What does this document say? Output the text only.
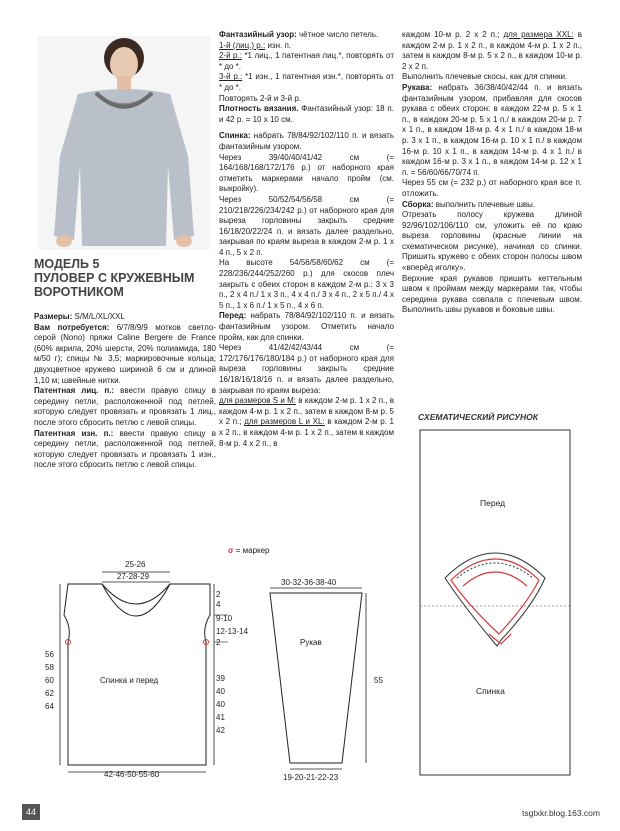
МОДЕЛЬ 5
ПУЛОВЕР С КРУЖЕВНЫМ ВОРОТНИКОМ

Размеры: S/M/L/XL/XXL

Вам потребуется: 6/7/8/9/9 мотков светло-серой (Nono) пряжи Caline Bergere de France (60% акрила, 20% шерсти, 20% полиамида, 180 м/50 г); спицы № 3,5; маркировочные кольца; двухцветное кружево шириной 6 см и длиной 1,10 м; швейные нитки.

Патентная лиц. п.: ввести правую спицу в середину петли, расположенной под петлей, которую следует провязать и провязать 1 лиц., после этого сбросить петлю с левой спицы.

Патентная изн. п.: ввести правую спицу в середину петли, расположенной под петлей, которую следует провязать и провязать 1 изн., после этого сбросить петлю с левой спицы.

Фантазийный узор: чётное число петель.

1-й (лиц.) р.: изн. п.

2-й р.: *1 лиц., 1 патентная лиц.*, повторять от * до *.

3-й р.: *1 изн., 1 патентная изн.*, повторять от * до *.

Повторять 2-й и 3-й р.

Плотность вязания. Фантазийный узор: 18 п. и 42 р. = 10 х 10 см.

Спинка: набрать 78/84/92/102/110 п. и вязать фантазийным узором.

Через 39/40/40/41/42 см (= 164/168/168/172/176 р.) от наборного края отметить маркерами начало пройм (см. выкройку).

Через 50/52/54/56/58 см (= 210/218/226/234/242 р.) от наборного края для выреза горловины закрыть средние 16/18/20/22/24 п. и вязать далее раздельно, закрывая по краям выреза в каждом 2-м р. 1 х 4 п., 5 х 2 п.

На высоте 54/56/58/60/62 см (= 228/236/244/252/260 р.) для скосов плеч закрыть с обеих сторон в каждом 2-м р.: 3 х 3 п., 2 х 4 п./ 1 х 3 п., 4 х 4 п./ 3 х 4 п., 2 х 5 п./ 4 х 5 п., 1 х 6 п./ 1 х 5 п., 4 х 6 п.

Перед: набрать 78/84/92/102/110 п. и вязать фантазийным узором. Отметить начало пройм, как для спинки.

Через 41/42/42/43/44 см (= 172/176/176/180/184 р.) от наборного края для выреза горловины закрыть средние 16/18/16/18/16 п. и вязать далее раздельно, закрывая по краям выреза:

для размеров S и M: в каждом 2-м р. 1 х 2 п., в каждом 4-м р. 1 х 2 п., затем в каждом 8-м р. 5 х 2 п.; для размеров L и XL: в каждом 2-м р. 1 х 2 п., в каждом 4-м р. 1 х 2 п., затем в каждом 8-м р. 4 х 2 п., в

каждом 10-м р. 2 х 2 п.; для размера XXL: в каждом 2-м р. 1 х 2 п., в каждом 4-м р. 1 х 2 п., затем в каждом 8-м р. 5 х 2 п., в каждом 10-м р. 2 х 2 п.

Выполнить плечевые скосы, как для спинки.

Рукава: набрать 36/38/40/42/44 п. и вязать фантазийным узором, прибавляя для скосов рукава с обеих сторон: в каждом 22-м р. 5 х 1 п., в каждом 20-м р. 5 х 1 п./ в каждом 20-м р. 7 х 1 п., в каждом 18-м р. 4 х 1 п./ в каждом 18-м р. 3 х 1 п., в каждом 16-м р. 10 х 1 п./ в каждом 16-м р. 10 х 1 п., в каждом 14-м р. 4 х 1 п./ в каждом 16-м р. 3 х 1 п., в каждом 14-м р. 12 х 1 п. = 56/60/66/70/74 п.

Через 55 см (= 232 р.) от наборного края все п. отложить.

Сборка: выполнить плечевые швы.

Отрезать полосу кружева длиной 92/96/102/106/110 см, уложить её по краю выреза горловины (красные линии на схематическом рисунке), начиная со спинки. Пришить кружево с обеих сторон полосы швом «вперёд иголку».

Верхние края рукавов пришить кеттельным швом к проймам между маркерами так, чтобы середина рукава совпала с плечевым швом. Выполнить швы рукавов и боковые швы.

СХЕМАТИЧЕСКИЙ РИСУНОК
Перед
Спинка
σ = маркер
25-26
27-28-29
2
4
9-10
12-13-14
2
56
58
60
62
64
39
40
40
41
42
Спинка и перед
42-46-50-55-60
30-32-36-38-40
Рукав
55
19-20-21-22-23
44	tsgtxkr.blog.163.com
